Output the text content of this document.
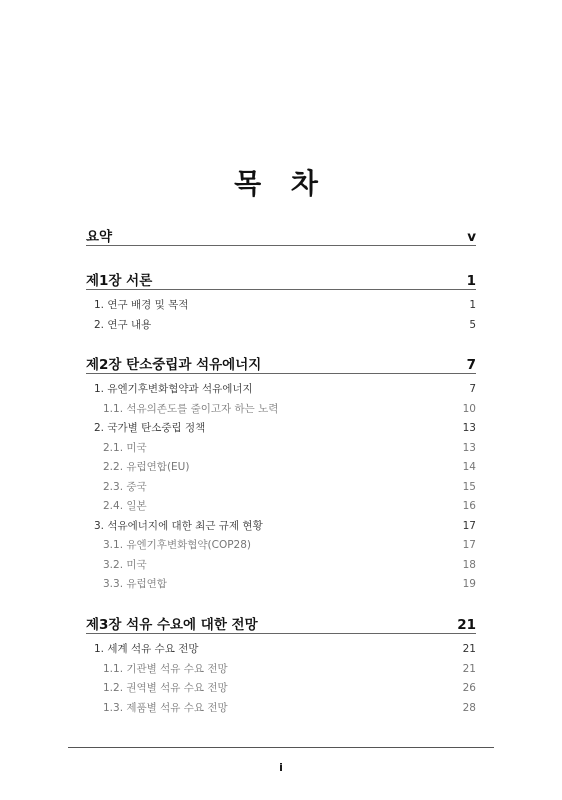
목 차
요약	v
제1장 서론	1
1. 연구 배경 및 목적	1
2. 연구 내용	5
제2장 탄소중립과 석유에너지	7
1. 유엔기후변화협약과 석유에너지	7
1.1. 석유의존도를 줄이고자 하는 노력	10
2. 국가별 탄소중립 정책	13
2.1. 미국	13
2.2. 유럽연합(EU)	14
2.3. 중국	15
2.4. 일본	16
3. 석유에너지에 대한 최근 규제 현황	17
3.1. 유엔기후변화협약(COP28)	17
3.2. 미국	18
3.3. 유럽연합	19
제3장 석유 수요에 대한 전망	21
1. 세계 석유 수요 전망	21
1.1. 기관별 석유 수요 전망	21
1.2. 권역별 석유 수요 전망	26
1.3. 제품별 석유 수요 전망	28
i
